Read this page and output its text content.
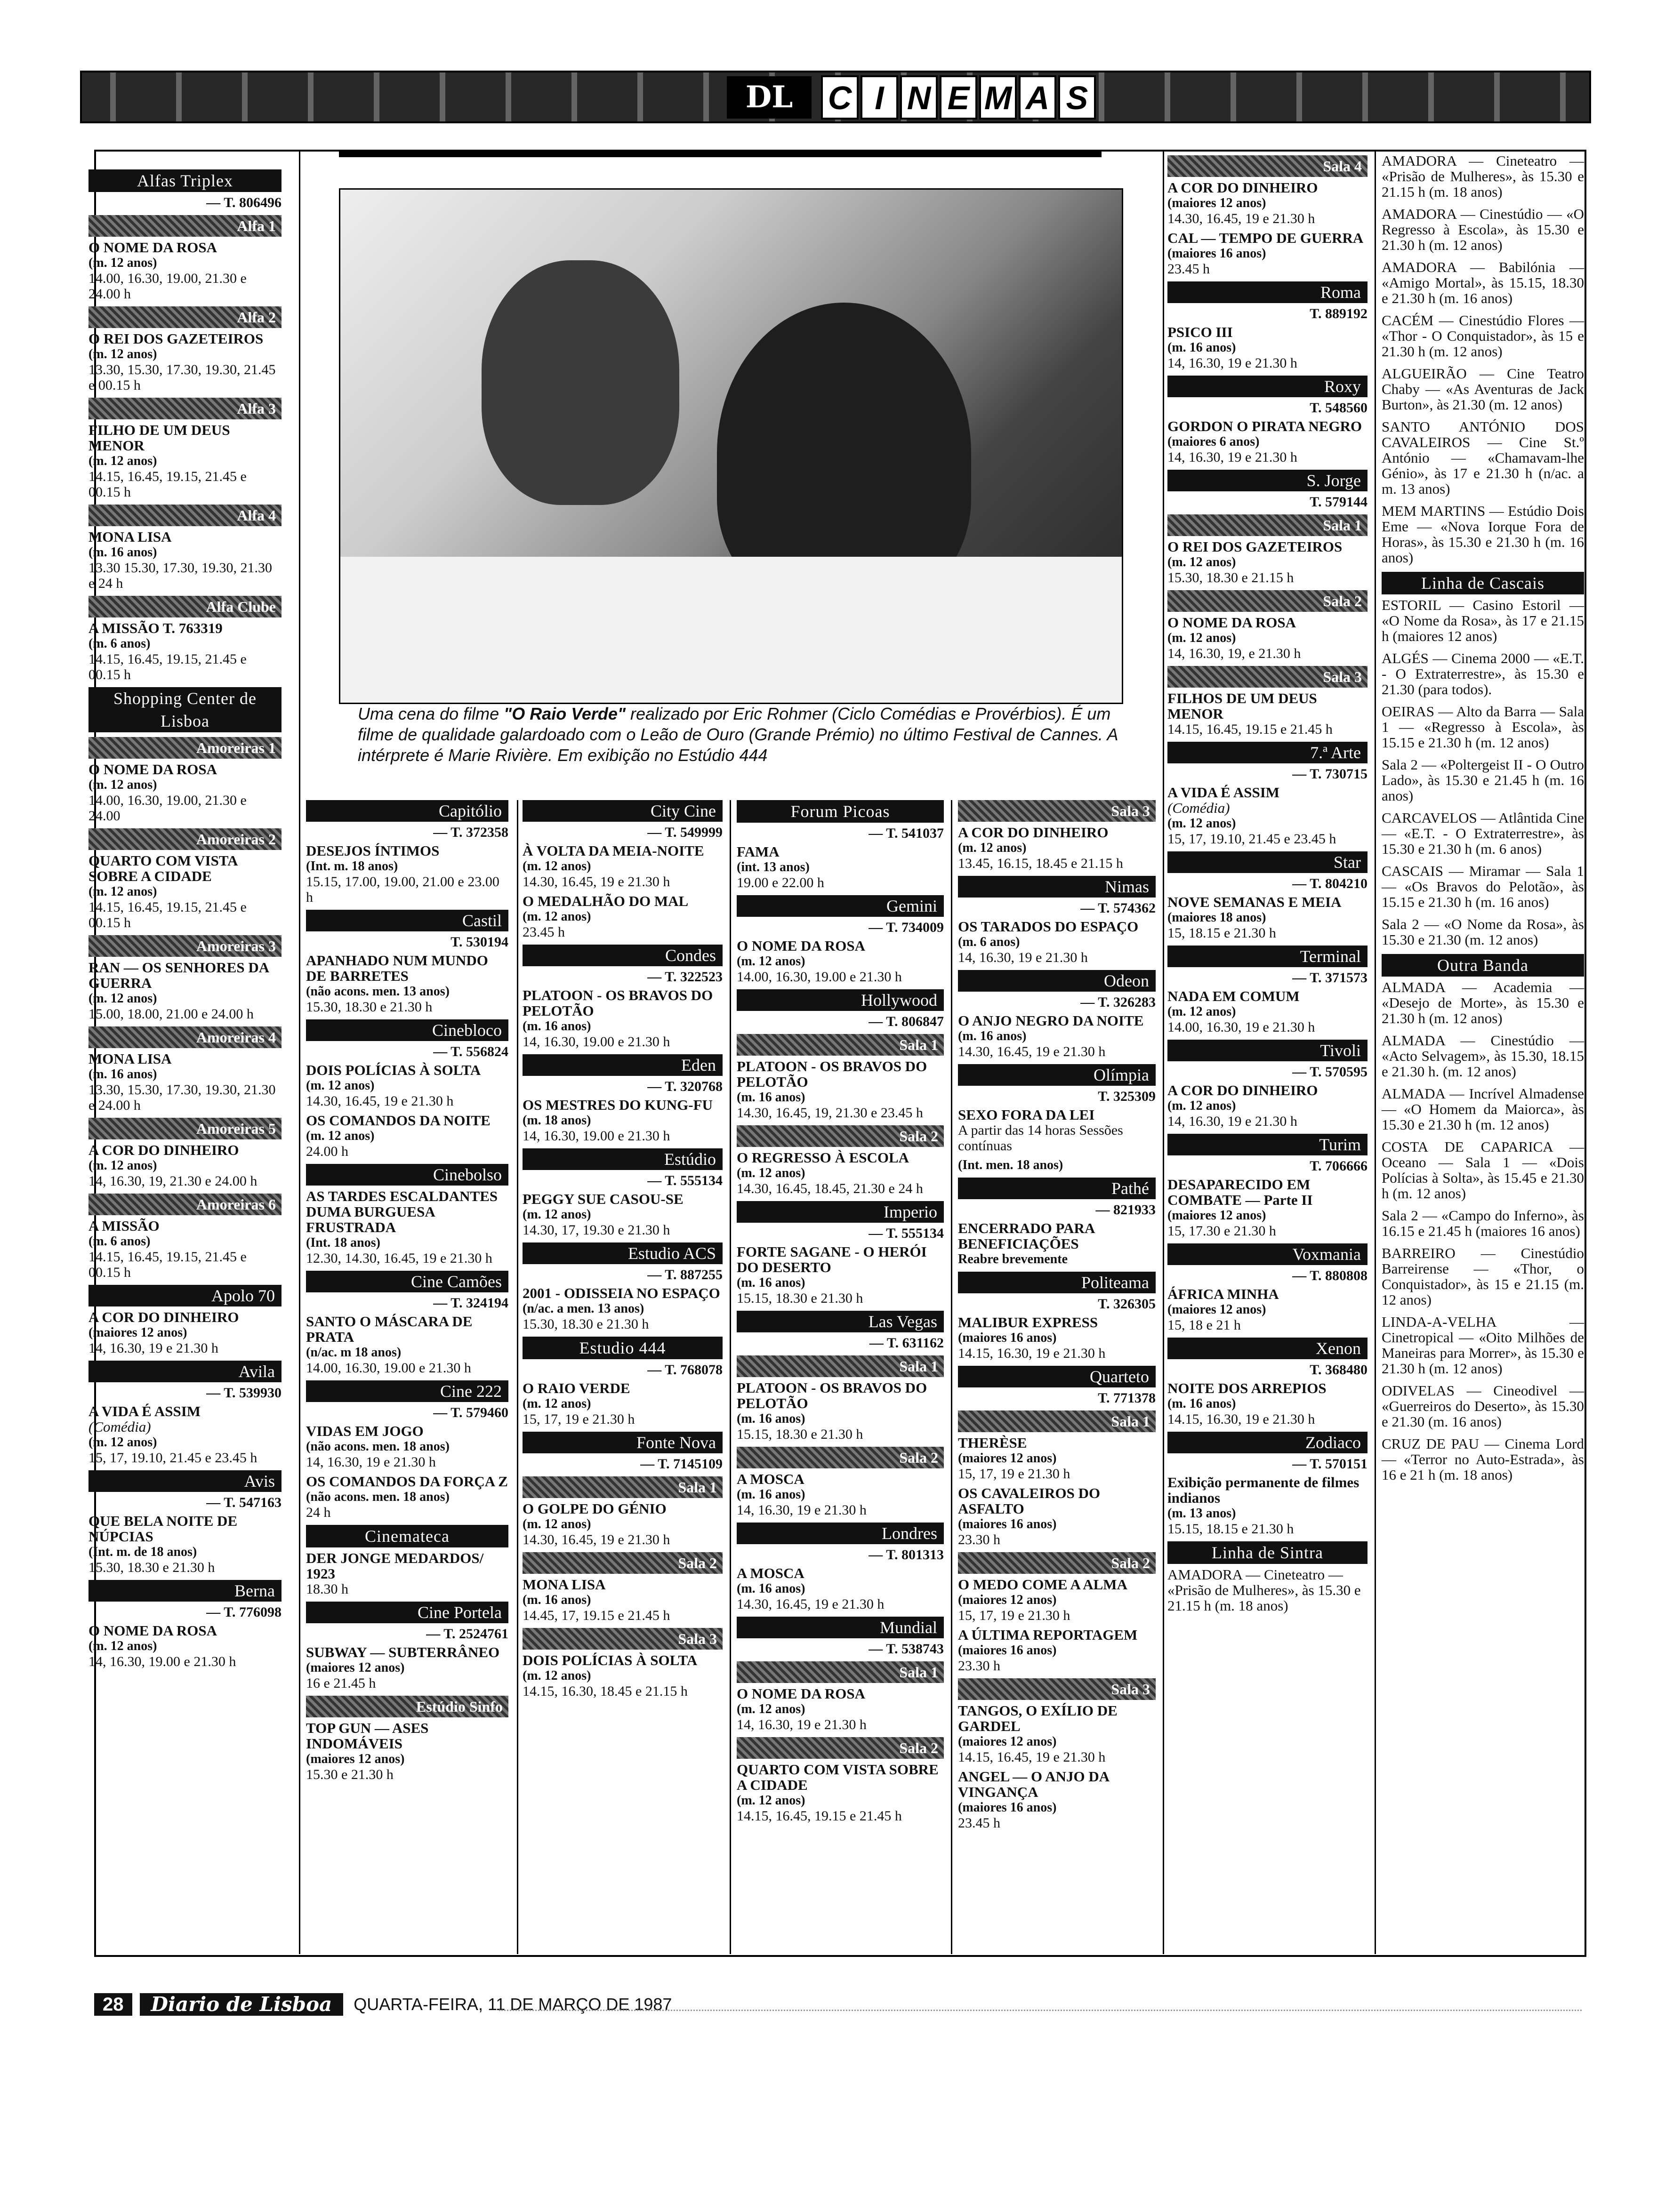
DL	C I N E M A S
Uma cena do filme "O Raio Verde" realizado por Eric Rohmer (Ciclo Comédias e Provérbios). É um filme de qualidade galardoado com o Leão de Ouro (Grande Prémio) no último Festival de Cannes. A intérprete é Marie Rivière. Em exibição no Estúdio 444
Alfas Triplex
— T. 806496
Alfa 1
O NOME DA ROSA
(m. 12 anos)
14.00, 16.30, 19.00, 21.30 e 24.00 h
Alfa 2
O REI DOS GAZETEIROS
(m. 12 anos)
13.30, 15.30, 17.30, 19.30, 21.45 e 00.15 h
Alfa 3
FILHO DE UM DEUS MENOR
(m. 12 anos)
14.15, 16.45, 19.15, 21.45 e 00.15 h
Alfa 4
MONA LISA
(m. 16 anos)
13.30 15.30, 17.30, 19.30, 21.30 e 24 h
Alfa Clube
A MISSÃO T. 763319
(m. 6 anos)
14.15, 16.45, 19.15, 21.45 e 00.15 h
Shopping Center de Lisboa
Amoreiras 1
O NOME DA ROSA
(m. 12 anos)
14.00, 16.30, 19.00, 21.30 e 24.00
Amoreiras 2
QUARTO COM VISTA SOBRE A CIDADE
(m. 12 anos)
14.15, 16.45, 19.15, 21.45 e 00.15 h
Amoreiras 3
RAN — OS SENHORES DA GUERRA
(m. 12 anos)
15.00, 18.00, 21.00 e 24.00 h
Amoreiras 4
MONA LISA
(m. 16 anos)
13.30, 15.30, 17.30, 19.30, 21.30 e 24.00 h
Amoreiras 5
A COR DO DINHEIRO
(m. 12 anos)
14, 16.30, 19, 21.30 e 24.00 h
Amoreiras 6
A MISSÃO
(m. 6 anos)
14.15, 16.45, 19.15, 21.45 e 00.15 h
Apolo 70
A COR DO DINHEIRO
(maiores 12 anos)
14, 16.30, 19 e 21.30 h
Avila
— T. 539930
A VIDA É ASSIM
(Comédia)
(m. 12 anos)
15, 17, 19.10, 21.45 e 23.45 h
Avis
— T. 547163
QUE BELA NOITE DE NÚPCIAS
(Int. m. de 18 anos)
15.30, 18.30 e 21.30 h
Berna
— T. 776098
O NOME DA ROSA
(m. 12 anos)
14, 16.30, 19.00 e 21.30 h
Capitólio
— T. 372358
DESEJOS ÍNTIMOS
(Int. m. 18 anos)
15.15, 17.00, 19.00, 21.00 e 23.00 h
Castil
T. 530194
APANHADO NUM MUNDO DE BARRETES
(não acons. men. 13 anos)
15.30, 18.30 e 21.30 h
Cinebloco
— T. 556824
DOIS POLÍCIAS À SOLTA
(m. 12 anos)
14.30, 16.45, 19 e 21.30 h
OS COMANDOS DA NOITE
(m. 12 anos)
24.00 h
Cinebolso
AS TARDES ESCALDANTES DUMA BURGUESA FRUSTRADA
(Int. 18 anos)
12.30, 14.30, 16.45, 19 e 21.30 h
Cine Camões
— T. 324194
SANTO O MÁSCARA DE PRATA
(n/ac. m 18 anos)
14.00, 16.30, 19.00 e 21.30 h
Cine 222
— T. 579460
VIDAS EM JOGO
(não acons. men. 18 anos)
14, 16.30, 19 e 21.30 h
OS COMANDOS DA FORÇA Z
(não acons. men. 18 anos)
24 h
Cinemateca
DER JONGE MEDARDOS/ 1923
18.30 h
Cine Portela
— T. 2524761
SUBWAY — SUBTERRÂNEO
(maiores 12 anos)
16 e 21.45 h
Estúdio Sinfo
TOP GUN — ASES INDOMÁVEIS
(maiores 12 anos)
15.30 e 21.30 h
City Cine
— T. 549999
À VOLTA DA MEIA-NOITE
(m. 12 anos)
14.30, 16.45, 19 e 21.30 h
O MEDALHÃO DO MAL
(m. 12 anos)
23.45 h
Condes
— T. 322523
PLATOON - OS BRAVOS DO PELOTÃO
(m. 16 anos)
14, 16.30, 19.00 e 21.30 h
Eden
— T. 320768
OS MESTRES DO KUNG-FU
(m. 18 anos)
14, 16.30, 19.00 e 21.30 h
Estúdio
— T. 555134
PEGGY SUE CASOU-SE
(m. 12 anos)
14.30, 17, 19.30 e 21.30 h
Estudio ACS
— T. 887255
2001 - ODISSEIA NO ESPAÇO
(n/ac. a men. 13 anos)
15.30, 18.30 e 21.30 h
Estudio 444
— T. 768078
O RAIO VERDE
(m. 12 anos)
15, 17, 19 e 21.30 h
Fonte Nova
— T. 7145109
Sala 1
O GOLPE DO GÉNIO
(m. 12 anos)
14.30, 16.45, 19 e 21.30 h
Sala 2
MONA LISA
(m. 16 anos)
14.45, 17, 19.15 e 21.45 h
Sala 3
DOIS POLÍCIAS À SOLTA
(m. 12 anos)
14.15, 16.30, 18.45 e 21.15 h
Forum Picoas
— T. 541037
FAMA
(int. 13 anos)
19.00 e 22.00 h
Gemini
— T. 734009
O NOME DA ROSA
(m. 12 anos)
14.00, 16.30, 19.00 e 21.30 h
Hollywood
— T. 806847
Sala 1
PLATOON - OS BRAVOS DO PELOTÃO
(m. 16 anos)
14.30, 16.45, 19, 21.30 e 23.45 h
Sala 2
O REGRESSO À ESCOLA
(m. 12 anos)
14.30, 16.45, 18.45, 21.30 e 24 h
Imperio
— T. 555134
FORTE SAGANE - O HERÓI DO DESERTO
(m. 16 anos)
15.15, 18.30 e 21.30 h
Las Vegas
— T. 631162
Sala 1
PLATOON - OS BRAVOS DO PELOTÃO
(m. 16 anos)
15.15, 18.30 e 21.30 h
Sala 2
A MOSCA
(m. 16 anos)
14, 16.30, 19 e 21.30 h
Londres
— T. 801313
A MOSCA
(m. 16 anos)
14.30, 16.45, 19 e 21.30 h
Mundial
— T. 538743
Sala 1
O NOME DA ROSA
(m. 12 anos)
14, 16.30, 19 e 21.30 h
Sala 2
QUARTO COM VISTA SOBRE A CIDADE
(m. 12 anos)
14.15, 16.45, 19.15 e 21.45 h
Sala 3
A COR DO DINHEIRO
(m. 12 anos)
13.45, 16.15, 18.45 e 21.15 h
Nimas
— T. 574362
OS TARADOS DO ESPAÇO
(m. 6 anos)
14, 16.30, 19 e 21.30 h
Odeon
— T. 326283
O ANJO NEGRO DA NOITE
(m. 16 anos)
14.30, 16.45, 19 e 21.30 h
Olímpia
T. 325309
SEXO FORA DA LEI
A partir das 14 horas Sessões contínuas
(Int. men. 18 anos)
Pathé
— 821933
ENCERRADO PARA BENEFICIAÇÕES
Reabre brevemente
Politeama
T. 326305
MALIBUR EXPRESS
(maiores 16 anos)
14.15, 16.30, 19 e 21.30 h
Quarteto
T. 771378
Sala 1
THERÈSE
(maiores 12 anos)
15, 17, 19 e 21.30 h
OS CAVALEIROS DO ASFALTO
(maiores 16 anos)
23.30 h
Sala 2
O MEDO COME A ALMA
(maiores 12 anos)
15, 17, 19 e 21.30 h
A ÚLTIMA REPORTAGEM
(maiores 16 anos)
23.30 h
Sala 3
TANGOS, O EXÍLIO DE GARDEL
(maiores 12 anos)
14.15, 16.45, 19 e 21.30 h
ANGEL — O ANJO DA VINGANÇA
(maiores 16 anos)
23.45 h
Sala 4
A COR DO DINHEIRO
(maiores 12 anos)
14.30, 16.45, 19 e 21.30 h
CAL — TEMPO DE GUERRA
(maiores 16 anos)
23.45 h
Roma
T. 889192
PSICO III
(m. 16 anos)
14, 16.30, 19 e 21.30 h
Roxy
T. 548560
GORDON O PIRATA NEGRO
(maiores 6 anos)
14, 16.30, 19 e 21.30 h
S. Jorge
T. 579144
Sala 1
O REI DOS GAZETEIROS
(m. 12 anos)
15.30, 18.30 e 21.15 h
Sala 2
O NOME DA ROSA
(m. 12 anos)
14, 16.30, 19, e 21.30 h
Sala 3
FILHOS DE UM DEUS MENOR
14.15, 16.45, 19.15 e 21.45 h
7.ª Arte
— T. 730715
A VIDA É ASSIM
(Comédia)
(m. 12 anos)
15, 17, 19.10, 21.45 e 23.45 h
Star
— T. 804210
NOVE SEMANAS E MEIA
(maiores 18 anos)
15, 18.15 e 21.30 h
Terminal
— T. 371573
NADA EM COMUM
(m. 12 anos)
14.00, 16.30, 19 e 21.30 h
Tivoli
— T. 570595
A COR DO DINHEIRO
(m. 12 anos)
14, 16.30, 19 e 21.30 h
Turim
T. 706666
DESAPARECIDO EM COMBATE — Parte II
(maiores 12 anos)
15, 17.30 e 21.30 h
Voxmania
— T. 880808
ÁFRICA MINHA
(maiores 12 anos)
15, 18 e 21 h
Xenon
T. 368480
NOITE DOS ARREPIOS
(m. 16 anos)
14.15, 16.30, 19 e 21.30 h
Zodiaco
— T. 570151
Exibição permanente de filmes indianos
(m. 13 anos)
15.15, 18.15 e 21.30 h
Linha de Sintra
AMADORA — Cineteatro — «Prisão de Mulheres», às 15.30 e 21.15 h (m. 18 anos)
AMADORA — Cineteatro — «Prisão de Mulheres», às 15.30 e 21.15 h (m. 18 anos)
AMADORA — Cinestúdio — «O Regresso à Escola», às 15.30 e 21.30 h (m. 12 anos)
AMADORA — Babilónia — «Amigo Mortal», às 15.15, 18.30 e 21.30 h (m. 16 anos)
CACÉM — Cinestúdio Flores — «Thor - O Conquistador», às 15 e 21.30 h (m. 12 anos)
ALGUEIRÃO — Cine Teatro Chaby — «As Aventuras de Jack Burton», às 21.30 (m. 12 anos)
SANTO ANTÓNIO DOS CAVALEIROS — Cine St.º António — «Chamavam-lhe Génio», às 17 e 21.30 h (n/ac. a m. 13 anos)
MEM MARTINS — Estúdio Dois Eme — «Nova Iorque Fora de Horas», às 15.30 e 21.30 h (m. 16 anos)
Linha de Cascais
ESTORIL — Casino Estoril — «O Nome da Rosa», às 17 e 21.15 h (maiores 12 anos)
ALGÉS — Cinema 2000 — «E.T. - O Extraterrestre», às 15.30 e 21.30 (para todos).
OEIRAS — Alto da Barra — Sala 1 — «Regresso à Escola», às 15.15 e 21.30 h (m. 12 anos)
Sala 2 — «Poltergeist II - O Outro Lado», às 15.30 e 21.45 h (m. 16 anos)
CARCAVELOS — Atlântida Cine — «E.T. - O Extraterrestre», às 15.30 e 21.30 h (m. 6 anos)
CASCAIS — Miramar — Sala 1 — «Os Bravos do Pelotão», às 15.15 e 21.30 h (m. 16 anos)
Sala 2 — «O Nome da Rosa», às 15.30 e 21.30 (m. 12 anos)
Outra Banda
ALMADA — Academia — «Desejo de Morte», às 15.30 e 21.30 h (m. 12 anos)
ALMADA — Cinestúdio — «Acto Selvagem», às 15.30, 18.15 e 21.30 h. (m. 12 anos)
ALMADA — Incrível Almadense — «O Homem da Maiorca», às 15.30 e 21.30 h (m. 12 anos)
COSTA DE CAPARICA — Oceano — Sala 1 — «Dois Polícias à Solta», às 15.45 e 21.30 h (m. 12 anos)
Sala 2 — «Campo do Inferno», às 16.15 e 21.45 h (maiores 16 anos)
BARREIRO — Cinestúdio Barreirense — «Thor, o Conquistador», às 15 e 21.15 (m. 12 anos)
LINDA-A-VELHA — Cinetropical — «Oito Milhões de Maneiras para Morrer», às 15.30 e 21.30 h (m. 12 anos)
ODIVELAS — Cineodivel — «Guerreiros do Deserto», às 15.30 e 21.30 (m. 16 anos)
CRUZ DE PAU — Cinema Lord — «Terror no Auto-Estrada», às 16 e 21 h (m. 18 anos)
28	Diario de Lisboa	QUARTA-FEIRA, 11 DE MARÇO DE 1987
